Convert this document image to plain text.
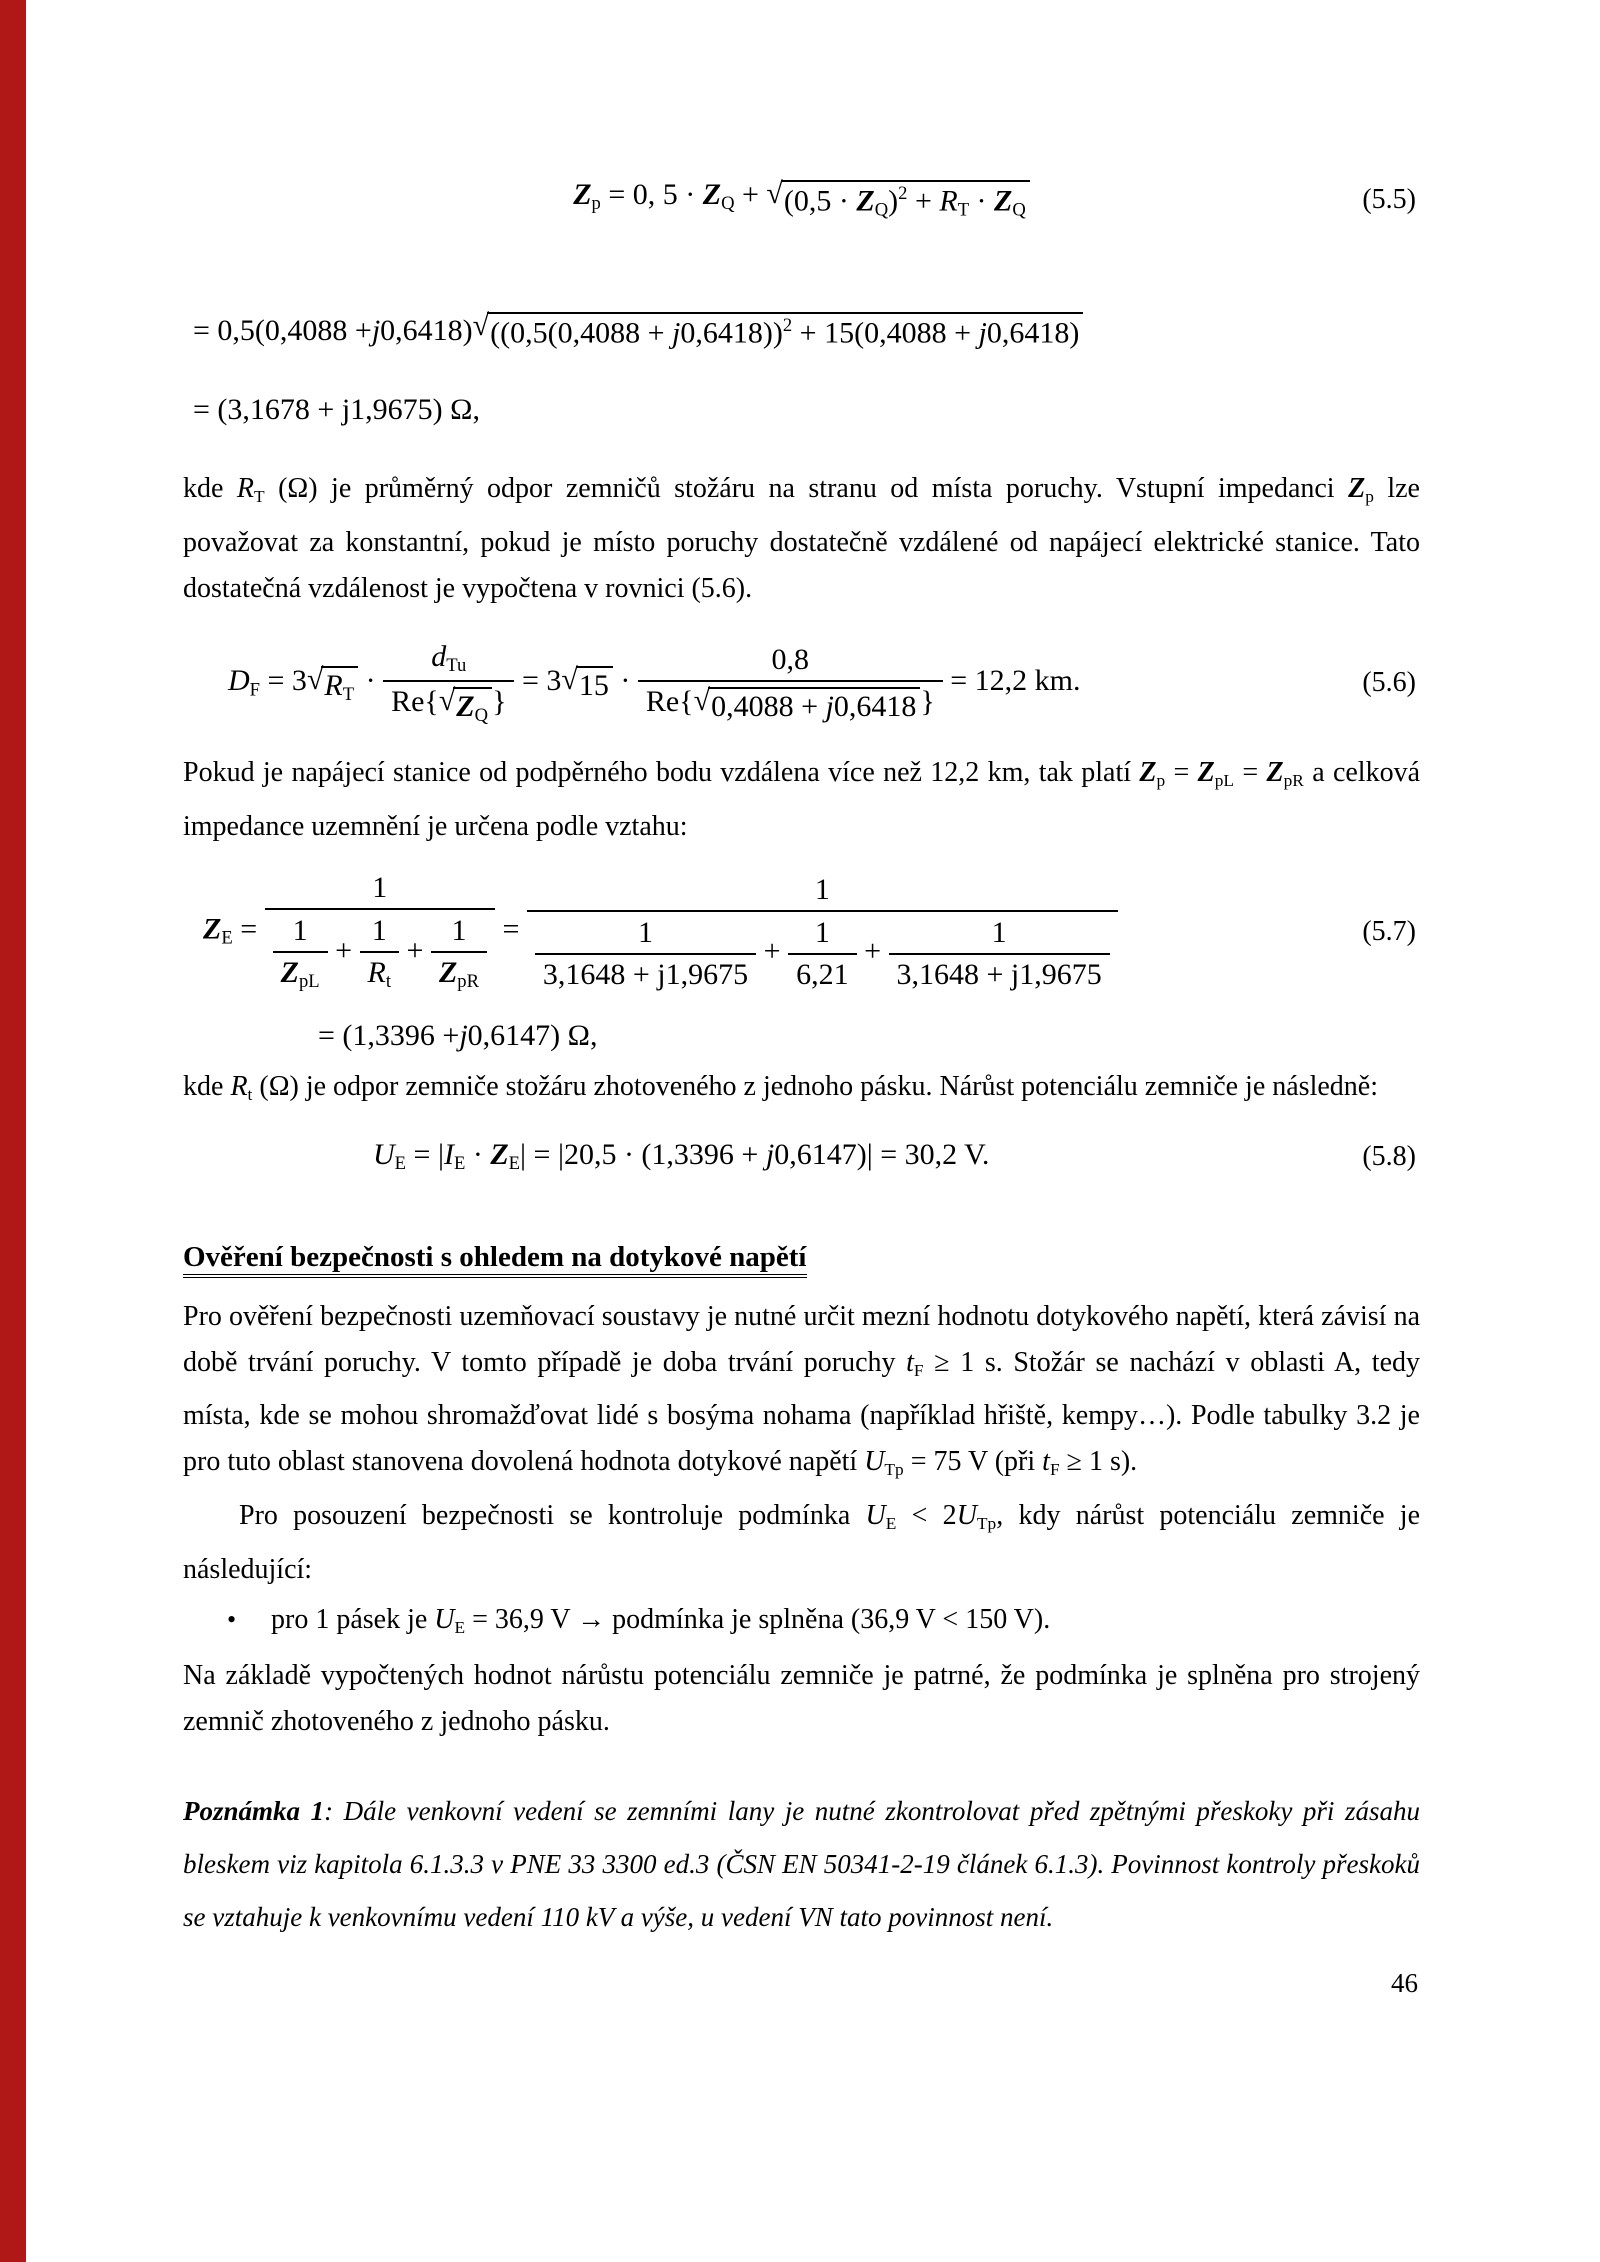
$Z_p = 0$, $5 \cdot Z_Q$ + √ $(0,5 \cdot Z_Q)^2 + R_T \cdot Z_Q$	(5.5)
= 0,5(0,4088 + j 0,6418) √ ($(0,5(0,4088 + j0,6418))^2 + 15(0,4088 + j0,6418)$
= (3,1678 + j1,9675) Ω,

kde $R_T$ (Ω) je průměrný odpor zemničů stožáru na stranu od místa poruchy. Vstupní impedanci $Z_p$ lze považovat za konstantní, pokud je místo poruchy dostatečně vzdálené od napájecí elektrické stanice. Tato dostatečná vzdálenost je vypočtena v rovnici (5.6).

$D_F = 3$ √ $R_T \cdot \frac{d_{Tu}}{Re\{ √ Z_Q \}} = 3$ √ $15 \cdot \frac{0,8}{Re\{ √ 0,4088 + j0,6418 \}} = 12,2$ km.	(5.6)

Pokud je napájecí stanice od podpěrného bodu vzdálena více než 12,2 km, tak platí $Z_p = Z_{pL} = Z_{pR}$ a celková impedance uzemnění je určena podle vztahu:

$Z_E = \frac{1}{\frac{1}{Z_{pL}} + \frac{1}{R_t} + \frac{1}{Z_{pR}}} = \frac{1}{\frac{1}{3,1648 + j1,9675} + \frac{1}{6,21} + \frac{1}{3,1648 + j1,9675}}$	(5.7)
= (1,3396 + j 0,6147) Ω,

kde $R_t$ (Ω) je odpor zemniče stožáru zhotoveného z jednoho pásku. Nárůst potenciálu zemniče je následně:

$U_E = |I_E \cdot Z_E| = |20,5 \cdot (1,3396 + j0,6147)| = 30,2$ V.	(5.8)
Ověření bezpečnosti s ohledem na dotykové napětí

Pro ověření bezpečnosti uzemňovací soustavy je nutné určit mezní hodnotu dotykového napětí, která závisí na době trvání poruchy. V tomto případě je doba trvání poruchy $t_F \ge 1$ s. Stožár se nachází v oblasti A, tedy místa, kde se mohou shromažďovat lidé s bosýma nohama (například hřiště, kempy…). Podle tabulky 3.2 je pro tuto oblast stanovena dovolená hodnota dotykové napětí $U_{Tp} = 75$ V (při $t_F \ge 1$ s).

Pro posouzení bezpečnosti se kontroluje podmínka $U_E < 2U_{Tp}$, kdy nárůst potenciálu zemniče je následující:

•	pro 1 pásek je $U_E = 36,9$ V → podmínka je splněna (36,9 V < 150 V).

Na základě vypočtených hodnot nárůstu potenciálu zemniče je patrné, že podmínka je splněna pro strojený zemnič zhotoveného z jednoho pásku.

Poznámka 1: Dále venkovní vedení se zemními lany je nutné zkontrolovat před zpětnými přeskoky při zásahu bleskem viz kapitola 6.1.3.3 v PNE 33 3300 ed.3 (ČSN EN 50341-2-19 článek 6.1.3). Povinnost kontroly přeskoků se vztahuje k venkovnímu vedení 110 kV a výše, u vedení VN tato povinnost není.

46
